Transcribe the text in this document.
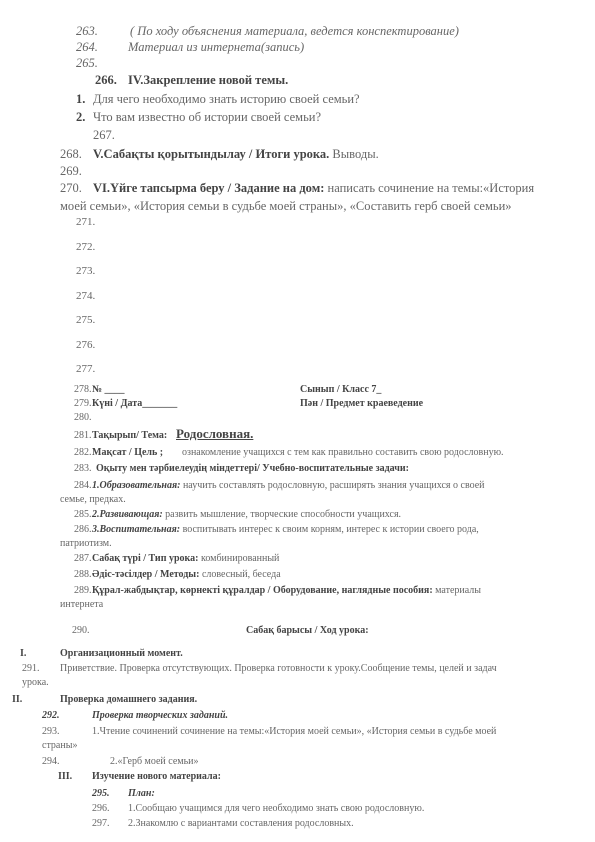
263.	( По ходу объяснения материала, ведется конспектирование)
264. Материал из интернета(запись)
265.
266. IV.Закрепление новой темы.
1. Для чего необходимо знать историю своей семьи?
2. Что вам известно об истории своей семьи?
267.
268. V.Сабақты қорытындылау / Итоги урока. Выводы.
269.
270. VI.Үйге тапсырма беру / Задание на дом: написать сочинение на темы:«История
моей семьи», «История семьи в судьбе моей страны», «Составить герб своей семьи»
271.
272.
273.
274.
275.
276.
277.
278. № ____	Сынып / Класс 7_
279. Күні / Дата_______	Пән / Предмет краеведение
280.
281. Тақырып/ Тема: Родословная.
282. Мақсат / Цель ; ознакомление учащихся с тем как правильно составить свою родословную.
283. Оқыту мен тәрбиелеудің міндеттері/ Учебно-воспитательные задачи:
284. 1.Образовательная: научить составлять родословную, расширять знания учащихся о своей
семье, предках.
285. 2.Развивающая: развить мышление, творческие способности учащихся.
286. 3.Воспитательная: воспитывать интерес к своим корням, интерес к истории своего рода,
патриотизм.
287. Сабақ түрі / Тип урока: комбинированный
288. Әдіс-тәсілдер / Методы: словесный, беседа
289. Құрал-жабдықтар, көрнекті құралдар / Оборудование, наглядные пособия: материалы
интернета
290.	Сабақ барысы / Ход урока:
I.	Организационный момент.
291. Приветствие. Проверка отсутствующих. Проверка готовности к уроку.Сообщение темы, целей и задач
урока.
II.	Проверка домашнего задания.
292.	Проверка творческих заданий.
293.	1.Чтение сочинений сочинение на темы:«История моей семьи», «История семьи в судьбе моей
страны»
294.	2.«Герб моей семьи»
III. Изучение нового материала:
295. План:
296. 1.Сообщаю учащимся для чего необходимо знать свою родословную.
297. 2.Знакомлю с вариантами составления родословных.
